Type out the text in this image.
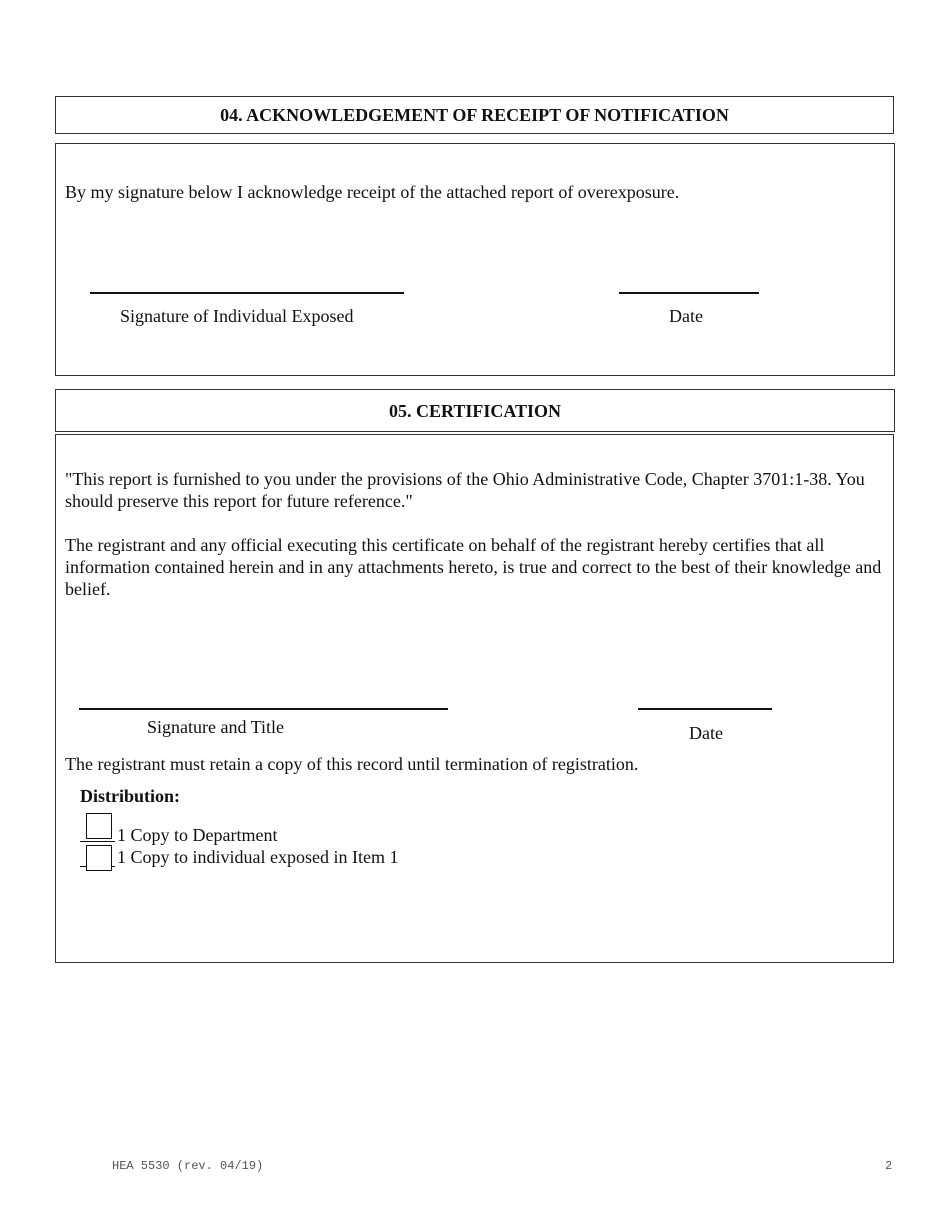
04. ACKNOWLEDGEMENT OF RECEIPT OF NOTIFICATION
By my signature below I acknowledge receipt of the attached report of overexposure.
Signature of Individual Exposed	Date
05. CERTIFICATION
"This report is furnished to you under the provisions of the Ohio Administrative Code, Chapter 3701:1-38. You should preserve this report for future reference."
The registrant and any official executing this certificate on behalf of the registrant hereby certifies that all information contained herein and in any attachments hereto, is true and correct to the best of their knowledge and belief.
Signature and Title	Date
The registrant must retain a copy of this record until termination of registration.
Distribution:
1 Copy to Department
1 Copy to individual exposed in Item 1
HEA 5530 (rev. 04/19)	2
